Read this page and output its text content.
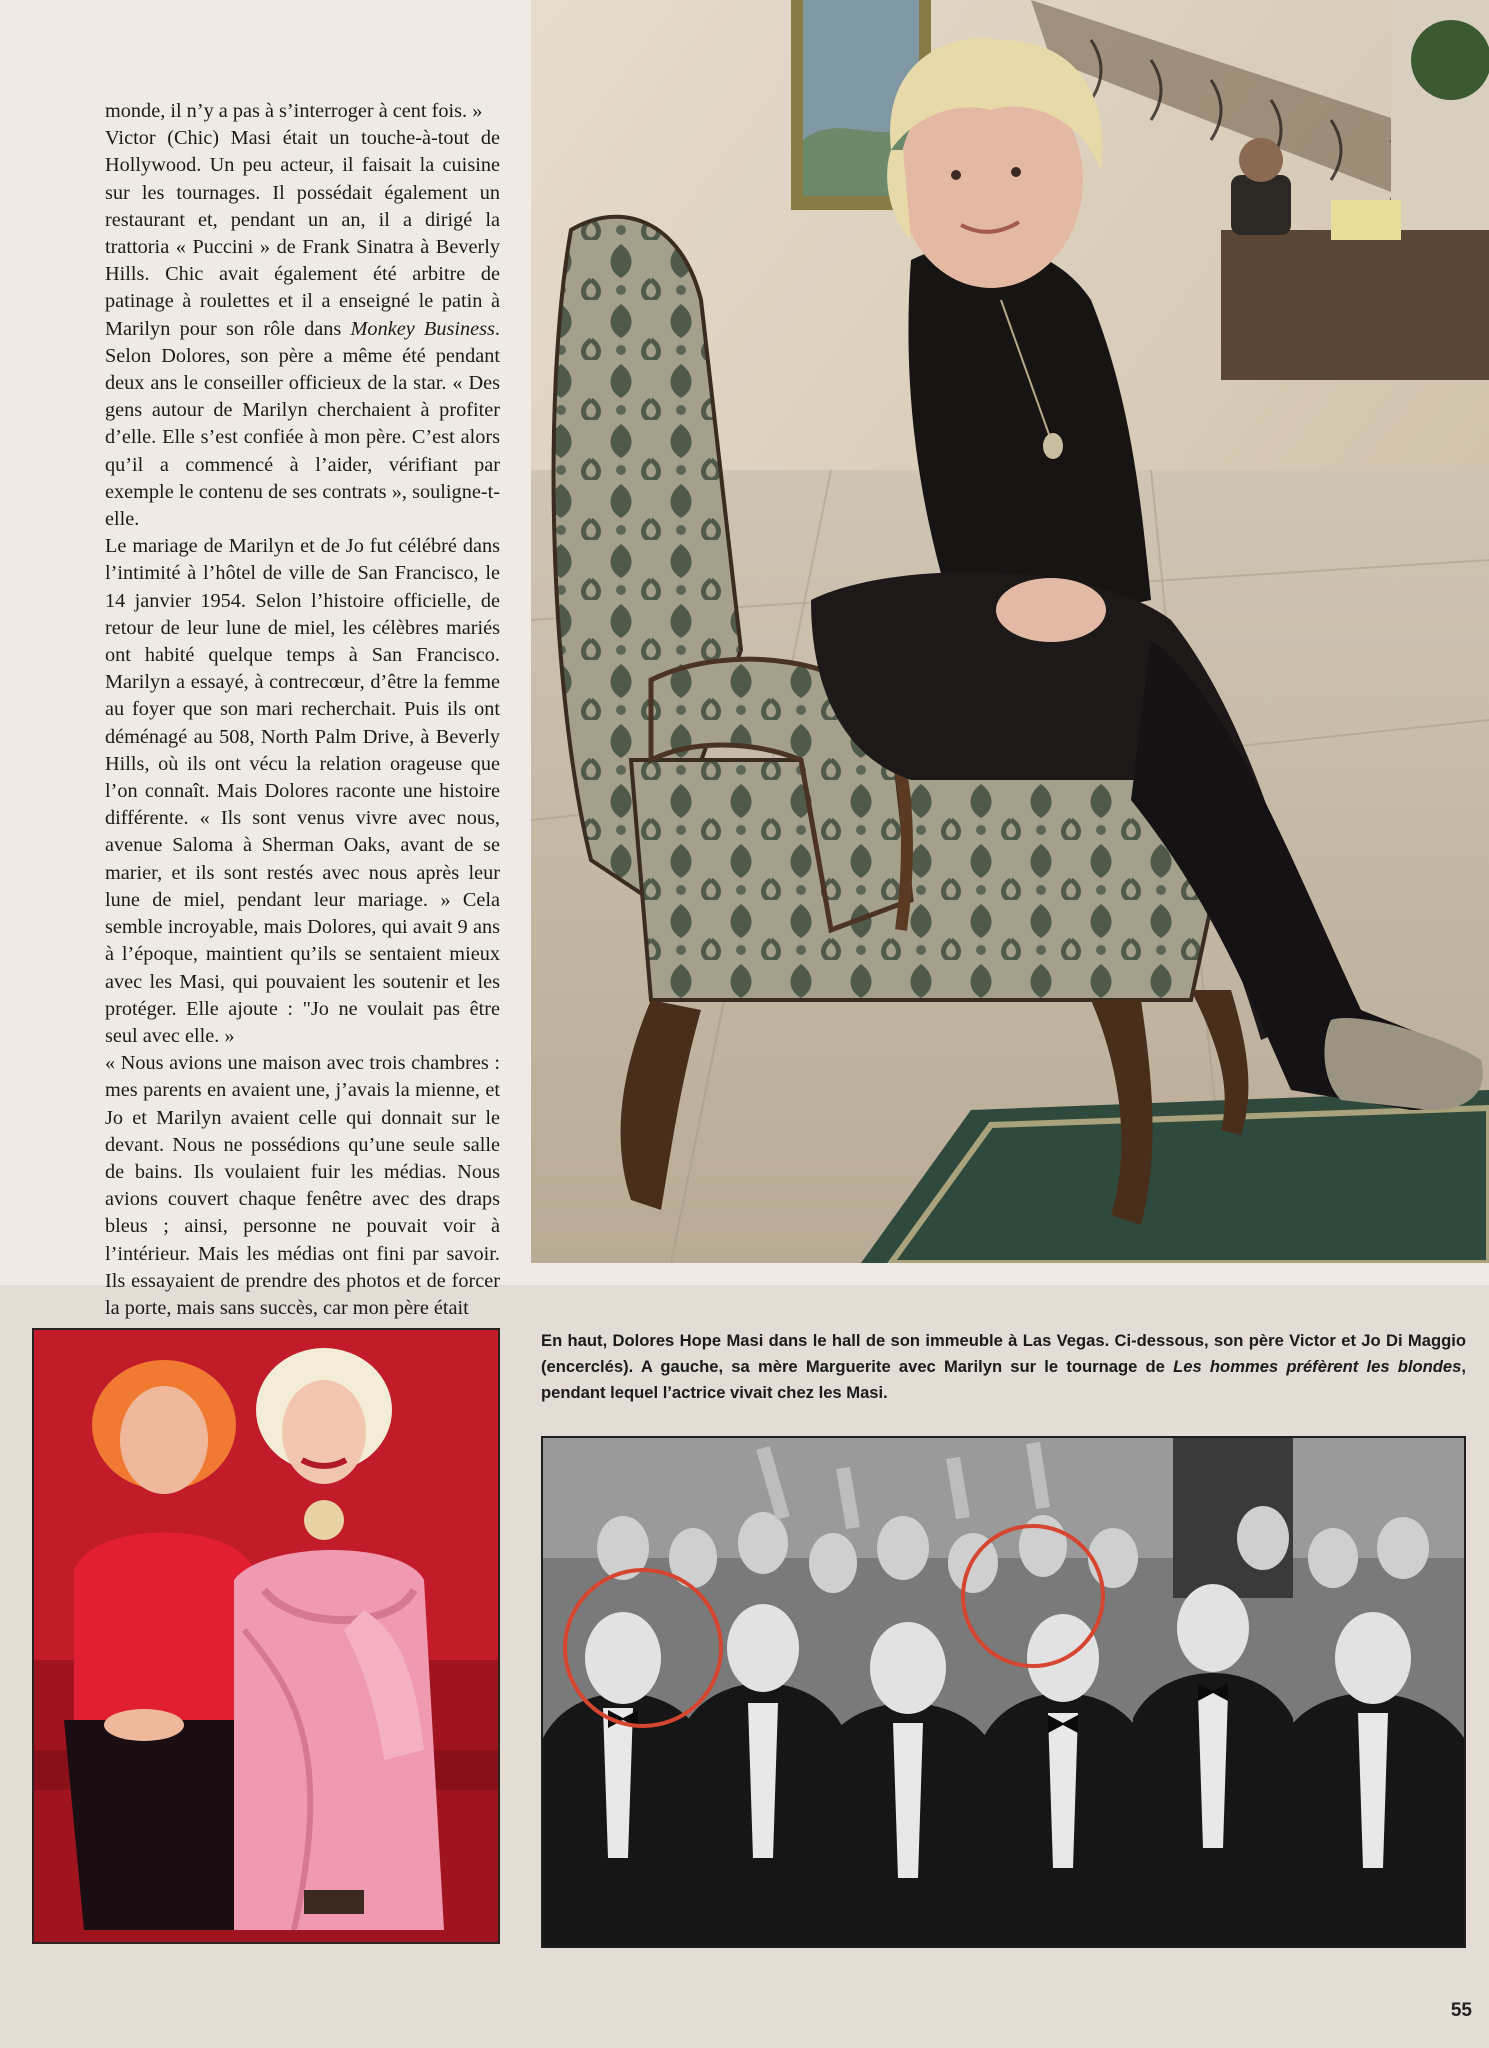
monde, il n’y a pas à s’interroger à cent fois. »

Victor (Chic) Masi était un touche-à-tout de Hollywood. Un peu acteur, il faisait la cuisine sur les tournages. Il possédait également un restaurant et, pendant un an, il a dirigé la trattoria « Puccini » de Frank Sinatra à Beverly Hills. Chic avait également été arbitre de patinage à roulettes et il a enseigné le patin à Marilyn pour son rôle dans Monkey Business. Selon Dolores, son père a même été pendant deux ans le conseiller officieux de la star. « Des gens autour de Marilyn cherchaient à profiter d’elle. Elle s’est confiée à mon père. C’est alors qu’il a commencé à l’aider, vérifiant par exemple le contenu de ses contrats », souligne-t-elle.

Le mariage de Marilyn et de Jo fut célébré dans l’intimité à l’hôtel de ville de San Francisco, le 14 janvier 1954. Selon l’histoire officielle, de retour de leur lune de miel, les célèbres mariés ont habité quelque temps à San Francisco. Marilyn a essayé, à contrecœur, d’être la femme au foyer que son mari recherchait. Puis ils ont déménagé au 508, North Palm Drive, à Beverly Hills, où ils ont vécu la relation orageuse que l’on connaît. Mais Dolores raconte une histoire différente. « Ils sont venus vivre avec nous, avenue Saloma à Sherman Oaks, avant de se marier, et ils sont restés avec nous après leur lune de miel, pendant leur mariage. » Cela semble incroyable, mais Dolores, qui avait 9 ans à l’époque, maintient qu’ils se sentaient mieux avec les Masi, qui pouvaient les soutenir et les protéger. Elle ajoute : "Jo ne voulait pas être seul avec elle. »

« Nous avions une maison avec trois chambres : mes parents en avaient une, j’avais la mienne, et Jo et Marilyn avaient celle qui donnait sur le devant. Nous ne possédions qu’une seule salle de bains. Ils voulaient fuir les médias. Nous avions couvert chaque fenêtre avec des draps bleus ; ainsi, personne ne pouvait voir à l’intérieur. Mais les médias ont fini par savoir. Ils essayaient de prendre des photos et de forcer la porte, mais sans succès, car mon père était

En haut, Dolores Hope Masi dans le hall de son immeuble à Las Vegas. Ci-dessous, son père Victor et Jo Di Maggio (encerclés). A gauche, sa mère Marguerite avec Marilyn sur le tournage de Les hommes préfèrent les blondes, pendant lequel l’actrice vivait chez les Masi.
55
